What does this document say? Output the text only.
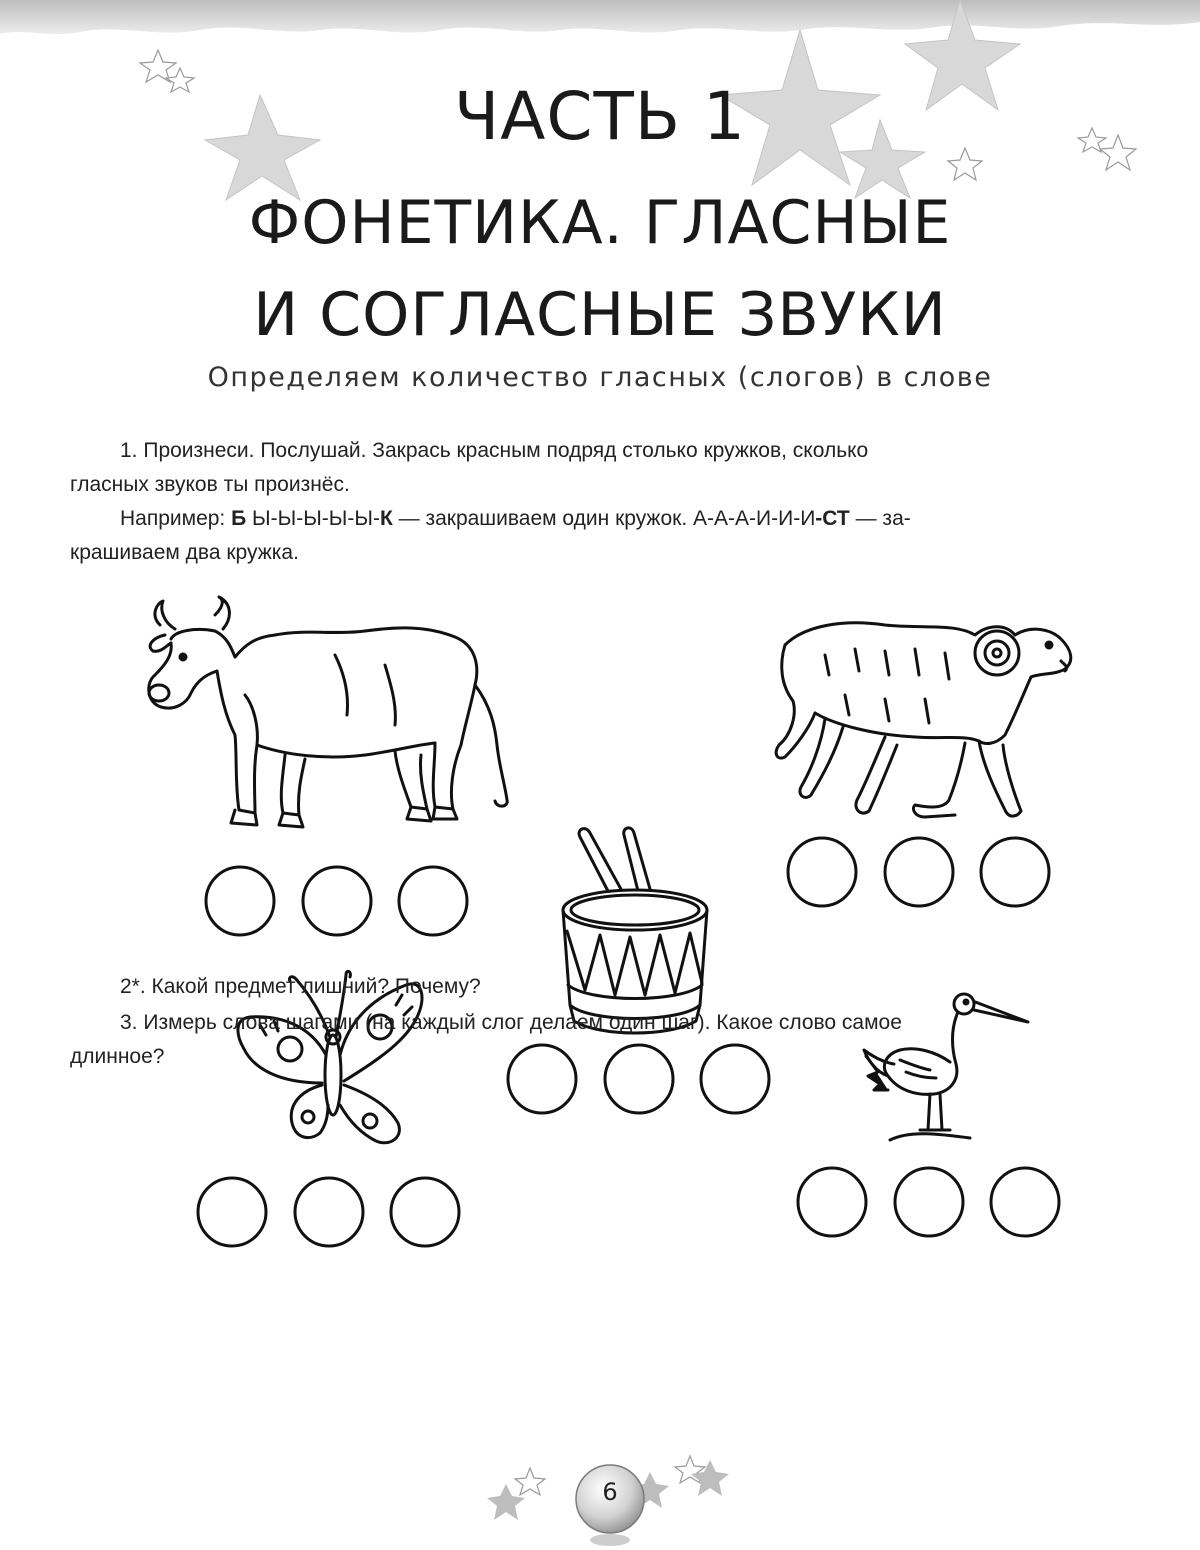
ЧАСТЬ 1
ФОНЕТИКА. ГЛАСНЫЕ
И СОГЛАСНЫЕ ЗВУКИ
Определяем количество гласных (слогов) в слове
1. Произнеси. Послушай. Закрась красным подряд столько кружков, сколько
гласных звуков ты произнёс.
Например: Б Ы-Ы-Ы-Ы-Ы-К — закрашиваем один кружок. А-А-А-И-И-И-СТ — за-
крашиваем два кружка.
2*. Какой предмет лишний? Почему?
3. Измерь слова шагами (на каждый слог делаем один шаг). Какое слово самое
длинное?
6
